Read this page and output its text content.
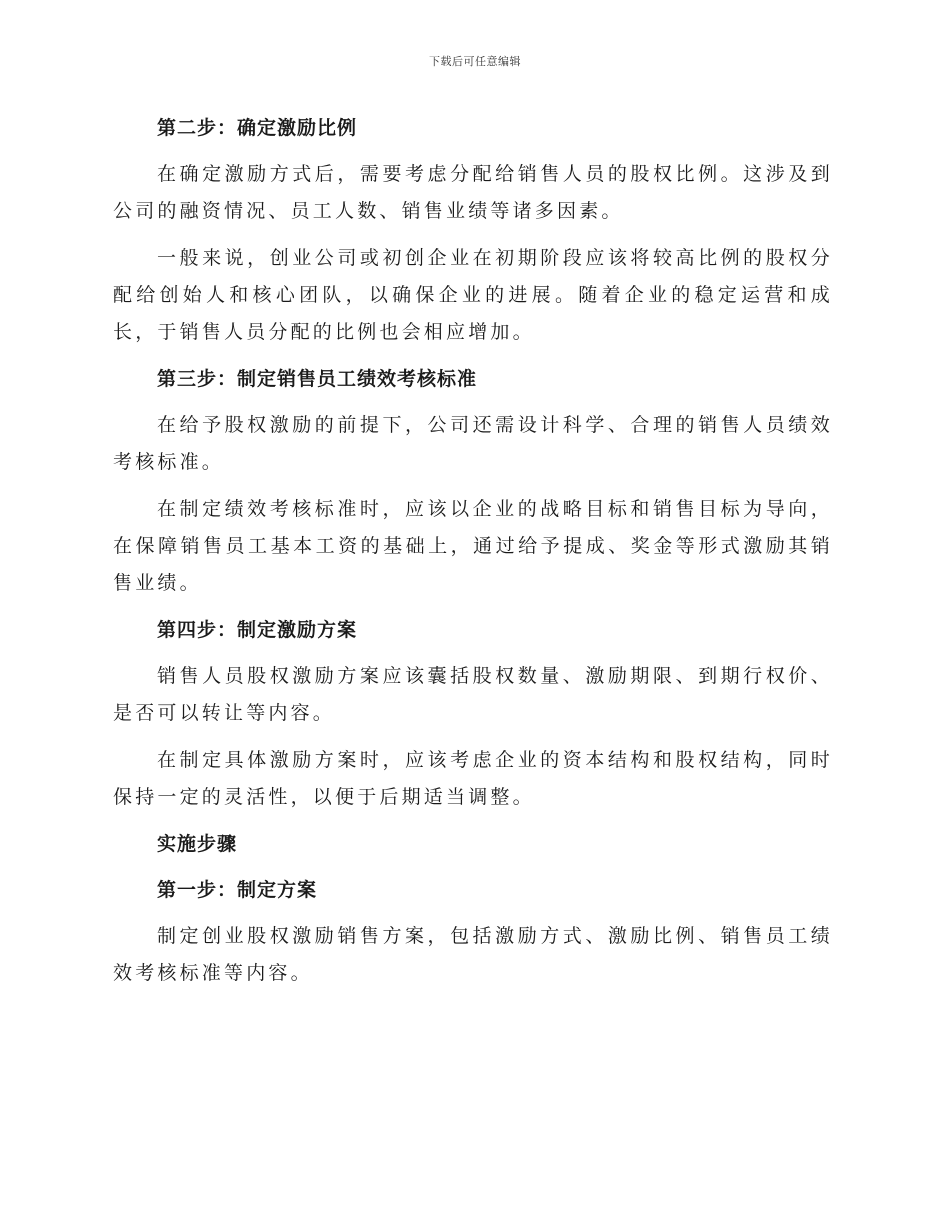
下载后可任意编辑

第二步：确定激励比例

在确定激励方式后，需要考虑分配给销售人员的股权比例。这涉及到公司的融资情况、员工人数、销售业绩等诸多因素。

一般来说，创业公司或初创企业在初期阶段应该将较高比例的股权分配给创始人和核心团队，以确保企业的进展。随着企业的稳定运营和成长，于销售人员分配的比例也会相应增加。

第三步：制定销售员工绩效考核标准

在给予股权激励的前提下，公司还需设计科学、合理的销售人员绩效考核标准。

在制定绩效考核标准时，应该以企业的战略目标和销售目标为导向，在保障销售员工基本工资的基础上，通过给予提成、奖金等形式激励其销售业绩。

第四步：制定激励方案

销售人员股权激励方案应该囊括股权数量、激励期限、到期行权价、是否可以转让等内容。

在制定具体激励方案时，应该考虑企业的资本结构和股权结构，同时保持一定的灵活性，以便于后期适当调整。

实施步骤

第一步：制定方案

制定创业股权激励销售方案，包括激励方式、激励比例、销售员工绩效考核标准等内容。
